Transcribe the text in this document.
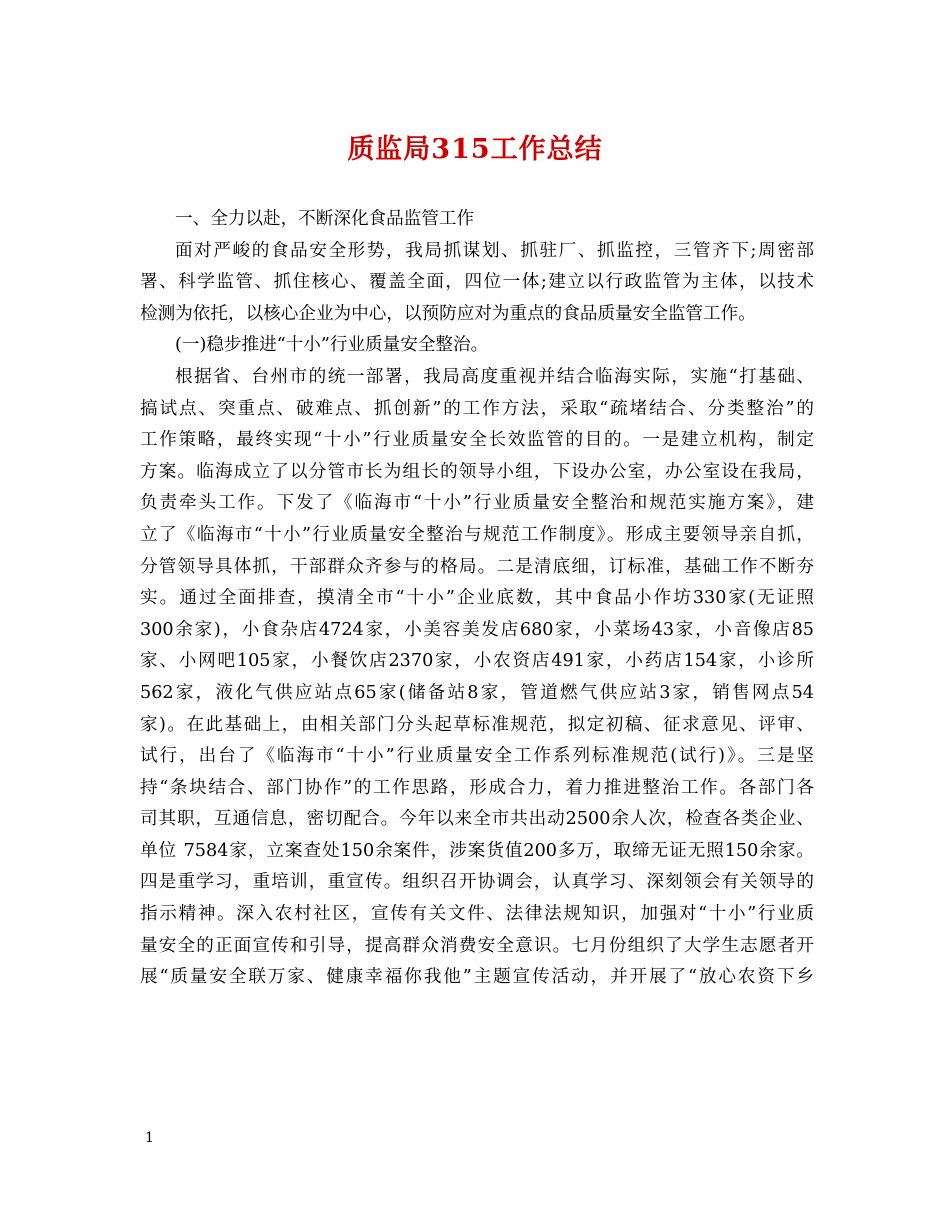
质监局315工作总结
一、全力以赴，不断深化食品监管工作
面对严峻的食品安全形势，我局抓谋划、抓驻厂、抓监控，三管齐下;周密部
署、科学监管、抓住核心、覆盖全面，四位一体;建立以行政监管为主体，以技术
检测为依托，以核心企业为中心，以预防应对为重点的食品质量安全监管工作。
(一)稳步推进“十小”行业质量安全整治。
根据省、台州市的统一部署，我局高度重视并结合临海实际，实施“打基础、
搞试点、突重点、破难点、抓创新”的工作方法，采取“疏堵结合、分类整治”的
工作策略，最终实现“十小”行业质量安全长效监管的目的。一是建立机构，制定
方案。临海成立了以分管市长为组长的领导小组，下设办公室，办公室设在我局，
负责牵头工作。下发了《临海市“十小”行业质量安全整治和规范实施方案》，建
立了《临海市“十小”行业质量安全整治与规范工作制度》。形成主要领导亲自抓，
分管领导具体抓，干部群众齐参与的格局。二是清底细，订标准，基础工作不断夯
实。通过全面排查，摸清全市“十小”企业底数，其中食品小作坊330家(无证照
300余家)，小食杂店4724家，小美容美发店680家，小菜场43家，小音像店85
家、小网吧105家，小餐饮店2370家，小农资店491家，小药店154家，小诊所
562家，液化气供应站点65家(储备站8家，管道燃气供应站3家，销售网点54
家)。在此基础上，由相关部门分头起草标准规范，拟定初稿、征求意见、评审、
试行，出台了《临海市“十小”行业质量安全工作系列标准规范(试行)》。三是坚
持“条块结合、部门协作”的工作思路，形成合力，着力推进整治工作。各部门各
司其职，互通信息，密切配合。今年以来全市共出动2500余人次，检查各类企业、
单位 7584家，立案查处150余案件，涉案货值200多万，取缔无证无照150余家。
四是重学习，重培训，重宣传。组织召开协调会，认真学习、深刻领会有关领导的
指示精神。深入农村社区，宣传有关文件、法律法规知识，加强对“十小”行业质
量安全的正面宣传和引导，提高群众消费安全意识。七月份组织了大学生志愿者开
展“质量安全联万家、健康幸福你我他”主题宣传活动，并开展了“放心农资下乡
1
